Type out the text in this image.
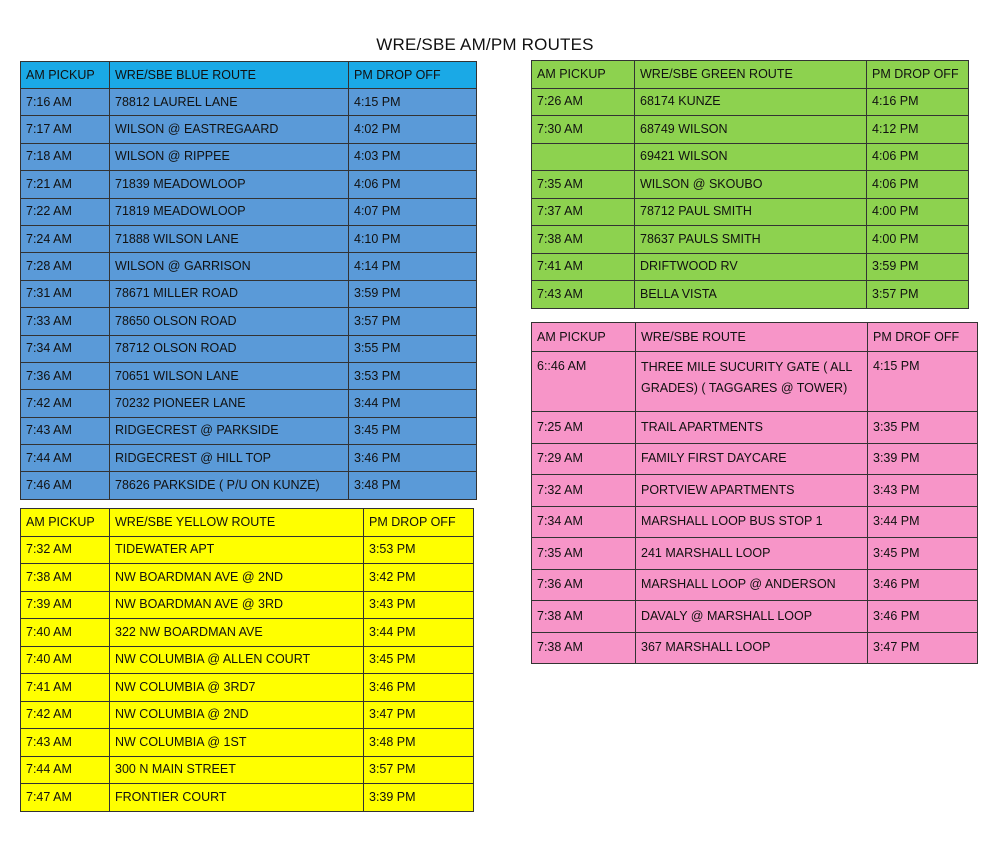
WRE/SBE AM/PM ROUTES
AM PICKUP	WRE/SBE BLUE ROUTE	PM DROP OFF
7:16 AM	78812 LAUREL LANE	4:15 PM
7:17 AM	WILSON @ EASTREGAARD	4:02 PM
7:18 AM	WILSON @ RIPPEE	4:03 PM
7:21 AM	71839 MEADOWLOOP	4:06 PM
7:22 AM	71819 MEADOWLOOP	4:07 PM
7:24 AM	71888 WILSON LANE	4:10 PM
7:28 AM	WILSON @ GARRISON	4:14 PM
7:31 AM	78671 MILLER ROAD	3:59 PM
7:33 AM	78650 OLSON ROAD	3:57 PM
7:34 AM	78712 OLSON ROAD	3:55 PM
7:36 AM	70651 WILSON LANE	3:53 PM
7:42 AM	70232 PIONEER LANE	3:44 PM
7:43 AM	RIDGECREST @ PARKSIDE	3:45 PM
7:44 AM	RIDGECREST @ HILL TOP	3:46 PM
7:46 AM	78626 PARKSIDE ( P/U ON KUNZE)	3:48 PM
AM PICKUP	WRE/SBE YELLOW ROUTE	PM DROP OFF
7:32 AM	TIDEWATER APT	3:53 PM
7:38 AM	NW BOARDMAN AVE @ 2ND	3:42 PM
7:39 AM	NW BOARDMAN AVE @ 3RD	3:43 PM
7:40 AM	322 NW BOARDMAN AVE	3:44 PM
7:40 AM	NW COLUMBIA @ ALLEN COURT	3:45 PM
7:41 AM	NW COLUMBIA @ 3RD7	3:46 PM
7:42 AM	NW COLUMBIA @ 2ND	3:47 PM
7:43 AM	NW COLUMBIA @ 1ST	3:48 PM
7:44 AM	300 N MAIN STREET	3:57 PM
7:47 AM	FRONTIER COURT	3:39 PM
AM PICKUP	WRE/SBE GREEN ROUTE	PM DROP OFF
7:26 AM	68174 KUNZE	4:16 PM
7:30 AM	68749 WILSON	4:12 PM
	69421 WILSON	4:06 PM
7:35 AM	WILSON @ SKOUBO	4:06 PM
7:37 AM	78712 PAUL SMITH	4:00 PM
7:38 AM	78637 PAULS SMITH	4:00 PM
7:41 AM	DRIFTWOOD RV	3:59 PM
7:43 AM	BELLA VISTA	3:57 PM
AM PICKUP	WRE/SBE ROUTE	PM DROF OFF
6::46 AM	THREE MILE SUCURITY GATE ( ALL GRADES) ( TAGGARES @ TOWER)	4:15 PM
7:25 AM	TRAIL APARTMENTS	3:35 PM
7:29 AM	FAMILY FIRST DAYCARE	3:39 PM
7:32 AM	PORTVIEW APARTMENTS	3:43 PM
7:34 AM	MARSHALL LOOP BUS STOP 1	3:44 PM
7:35 AM	241 MARSHALL LOOP	3:45 PM
7:36 AM	MARSHALL LOOP @ ANDERSON	3:46 PM
7:38 AM	DAVALY @ MARSHALL LOOP	3:46 PM
7:38 AM	367 MARSHALL LOOP	3:47 PM
